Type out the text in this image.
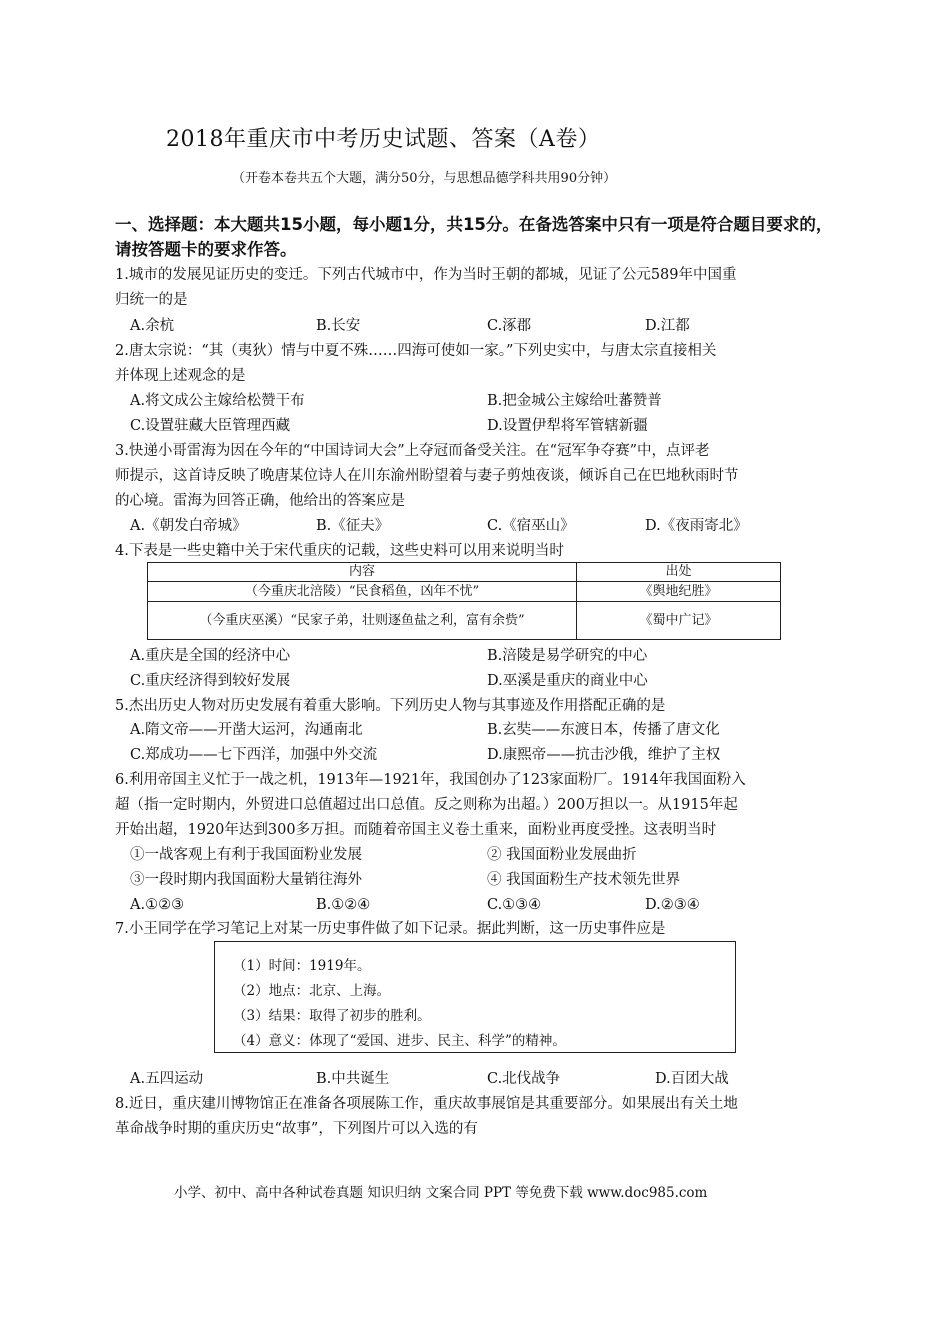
2018年重庆市中考历史试题、答案（A卷）
（开卷本卷共五个大题，满分50分，与思想品德学科共用90分钟）
一、选择题：本大题共15小题，每小题1分，共15分。在备选答案中只有一项是符合题目要求的，请按答题卡的要求作答。
1.城市的发展见证历史的变迁。下列古代城市中，作为当时王朝的都城，见证了公元589年中国重
归统一的是
A.余杭	B.长安	C.涿郡	D.江都
2.唐太宗说：“其（夷狄）情与中夏不殊……四海可使如一家。”下列史实中，与唐太宗直接相关
并体现上述观念的是
A.将文成公主嫁给松赞干布	B.把金城公主嫁给吐蕃赞普
C.设置驻藏大臣管理西藏	D.设置伊犁将军管辖新疆
3.快递小哥雷海为因在今年的“中国诗词大会”上夺冠而备受关注。在“冠军争夺赛”中，点评老
师提示，这首诗反映了晚唐某位诗人在川东渝州盼望着与妻子剪烛夜谈，倾诉自己在巴地秋雨时节
的心境。雷海为回答正确，他给出的答案应是
A.《朝发白帝城》	B.《征夫》	C.《宿巫山》	D.《夜雨寄北》
4.下表是一些史籍中关于宋代重庆的记载，这些史料可以用来说明当时
内容	出处
（今重庆北涪陵）“民食稻鱼，凶年不忧”	《舆地纪胜》
（今重庆巫溪）“民家子弟，壮则逐鱼盐之利，富有余赀”	《蜀中广记》
A.重庆是全国的经济中心	B.涪陵是易学研究的中心
C.重庆经济得到较好发展	D.巫溪是重庆的商业中心
5.杰出历史人物对历史发展有着重大影响。下列历史人物与其事迹及作用搭配正确的是
A.隋文帝——开凿大运河，沟通南北	B.玄奘——东渡日本，传播了唐文化
C.郑成功——七下西洋，加强中外交流	D.康熙帝——抗击沙俄，维护了主权
6.利用帝国主义忙于一战之机，1913年—1921年，我国创办了123家面粉厂。1914年我国面粉入
超（指一定时期内，外贸进口总值超过出口总值。反之则称为出超。）200万担以一。从1915年起
开始出超，1920年达到300多万担。而随着帝国主义卷土重来，面粉业再度受挫。这表明当时
①一战客观上有利于我国面粉业发展	② 我国面粉业发展曲折
③一段时期内我国面粉大量销往海外	④ 我国面粉生产技术领先世界
A.①②③	B.①②④	C.①③④	D.②③④
7.小王同学在学习笔记上对某一历史事件做了如下记录。据此判断，这一历史事件应是
（1）时间：1919年。
（2）地点：北京、上海。
（3）结果：取得了初步的胜利。
（4）意义：体现了“爱国、进步、民主、科学”的精神。
A.五四运动	B.中共诞生	C.北伐战争	D.百团大战
8.近日，重庆建川博物馆正在准备各项展陈工作，重庆故事展馆是其重要部分。如果展出有关土地
革命战争时期的重庆历史“故事”，下列图片可以入选的有
小学、初中、高中各种试卷真题 知识归纳 文案合同 PPT 等免费下载 www.doc985.com
